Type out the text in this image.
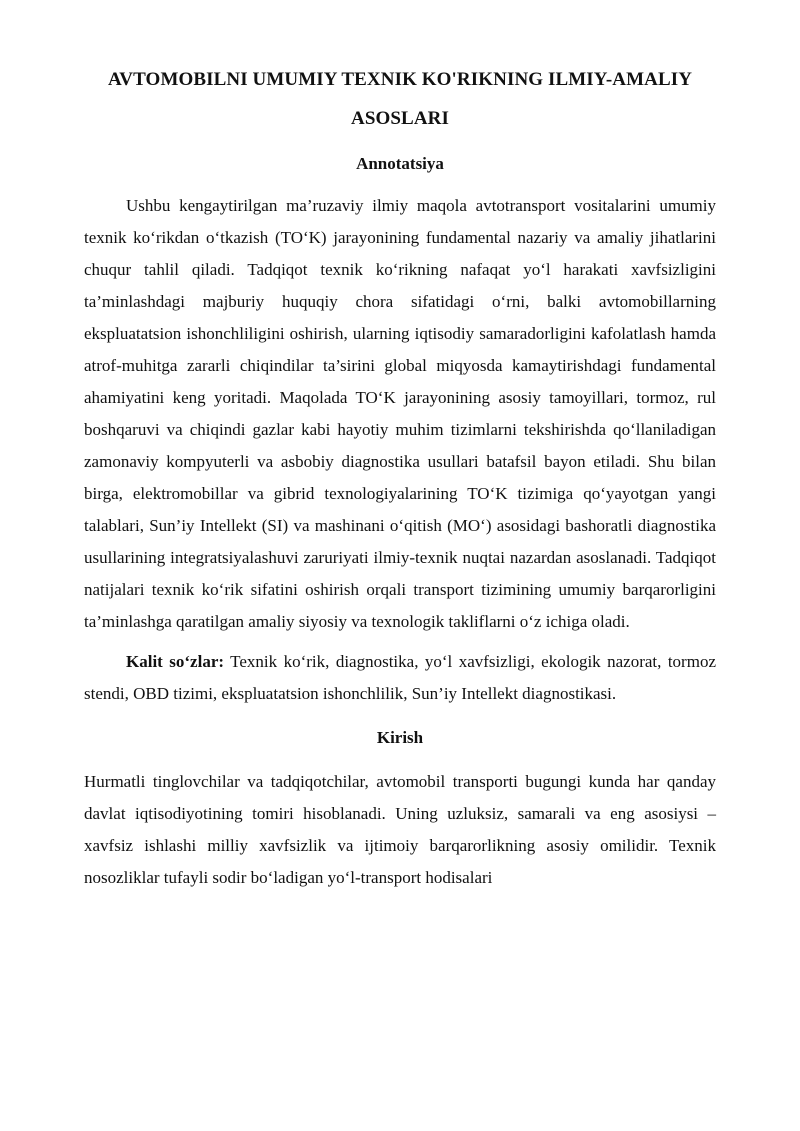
AVTOMOBILNI UMUMIY TEXNIK KO'RIKNING ILMIY-AMALIY ASOSLARI
Annotatsiya

Ushbu kengaytirilgan ma’ruzaviy ilmiy maqola avtotransport vositalarini umumiy texnik ko‘rikdan o‘tkazish (TO‘K) jarayonining fundamental nazariy va amaliy jihatlarini chuqur tahlil qiladi. Tadqiqot texnik ko‘rikning nafaqat yo‘l harakati xavfsizligini ta’minlashdagi majburiy huquqiy chora sifatidagi o‘rni, balki avtomobillarning ekspluatatsion ishonchliligini oshirish, ularning iqtisodiy samaradorligini kafolatlash hamda atrof-muhitga zararli chiqindilar ta’sirini global miqyosda kamaytirishdagi fundamental ahamiyatini keng yoritadi. Maqolada TO‘K jarayonining asosiy tamoyillari, tormoz, rul boshqaruvi va chiqindi gazlar kabi hayotiy muhim tizimlarni tekshirishda qo‘llaniladigan zamonaviy kompyuterli va asbobiy diagnostika usullari batafsil bayon etiladi. Shu bilan birga, elektromobillar va gibrid texnologiyalarining TO‘K tizimiga qo‘yayotgan yangi talablari, Sun’iy Intellekt (SI) va mashinani o‘qitish (MO‘) asosidagi bashoratli diagnostika usullarining integratsiyalashuvi zaruriyati ilmiy-texnik nuqtai nazardan asoslanadi. Tadqiqot natijalari texnik ko‘rik sifatini oshirish orqali transport tizimining umumiy barqarorligini ta’minlashga qaratilgan amaliy siyosiy va texnologik takliflarni o‘z ichiga oladi.

Kalit so‘zlar: Texnik ko‘rik, diagnostika, yo‘l xavfsizligi, ekologik nazorat, tormoz stendi, OBD tizimi, ekspluatatsion ishonchlilik, Sun’iy Intellekt diagnostikasi.

Kirish

Hurmatli tinglovchilar va tadqiqotchilar, avtomobil transporti bugungi kunda har qanday davlat iqtisodiyotining tomiri hisoblanadi. Uning uzluksiz, samarali va eng asosiysi – xavfsiz ishlashi milliy xavfsizlik va ijtimoiy barqarorlikning asosiy omilidir. Texnik nosozliklar tufayli sodir bo‘ladigan yo‘l-transport hodisalari
